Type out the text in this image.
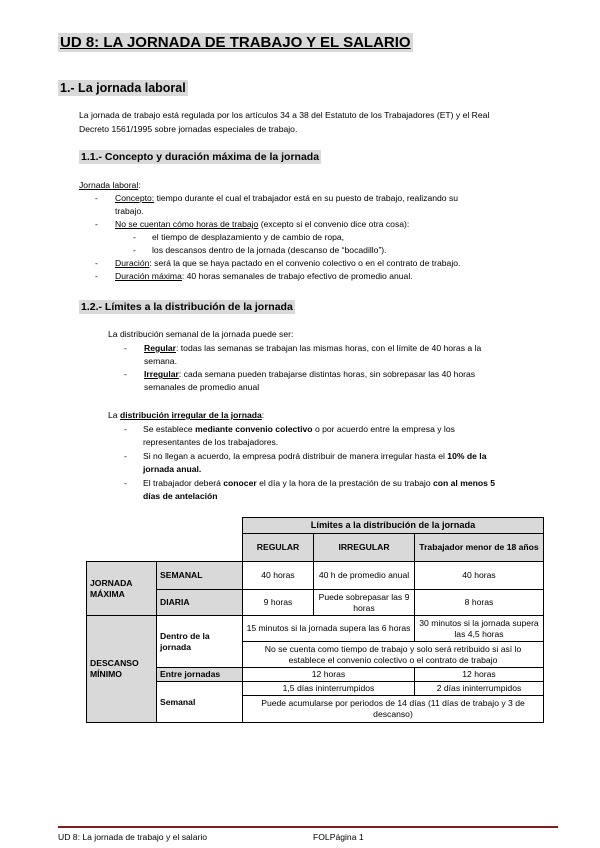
UD 8: LA JORNADA DE TRABAJO Y EL SALARIO
1.- La jornada laboral

La jornada de trabajo está regulada por los artículos 34 a 38 del Estatuto de los Trabajadores (ET) y el Real
Decreto 1561/1995 sobre jornadas especiales de trabajo.

1.1.- Concepto y duración máxima de la jornada

Jornada laboral:

- Concepto: tiempo durante el cual el trabajador está en su puesto de trabajo, realizando su
trabajo.
- No se cuentan cómo horas de trabajo (excepto si el convenio dice otra cosa):
- el tiempo de desplazamiento y de cambio de ropa,
- los descansos dentro de la jornada (descanso de “bocadillo”).
- Duración: será la que se haya pactado en el convenio colectivo o en el contrato de trabajo.
- Duración máxima: 40 horas semanales de trabajo efectivo de promedio anual.
1.2.- Límites a la distribución de la jornada

La distribución semanal de la jornada puede ser:

- Regular: todas las semanas se trabajan las mismas horas, con el límite de 40 horas a la
semana.
- Irregular: cada semana pueden trabajarse distintas horas, sin sobrepasar las 40 horas
semanales de promedio anual

La distribución irregular de la jornada:

- Se establece mediante convenio colectivo o por acuerdo entre la empresa y los
representantes de los trabajadores.
- Si no llegan a acuerdo, la empresa podrá distribuir de manera irregular hasta el 10% de la
jornada anual.
- El trabajador deberá conocer el día y la hora de la prestación de su trabajo con al menos 5
días de antelación
		Límites a la distribución de la jornada		
		REGULAR	IRREGULAR	Trabajador menor de 18 años
JORNADA MÁXIMA	SEMANAL	40 horas	40 h de promedio anual	40 horas
	DIARIA	9 horas	Puede sobrepasar las 9 horas	8 horas
DESCANSO MÍNIMO	Dentro de la jornada	15 minutos si la jornada supera las 6 horas		30 minutos si la jornada supera las 4,5 horas
		No se cuenta como tiempo de trabajo y solo será retribuido si así lo establece el convenio colectivo o el contrato de trabajo		
	Entre jornadas	12 horas		12 horas
	Semanal	1,5 días ininterrumpidos		2 días ininterrumpidos
		Puede acumularse por periodos de 14 días (11 días de trabajo y 3 de descanso)		

UD 8: La jornada de trabajo y el salario	FOLPágina 1
